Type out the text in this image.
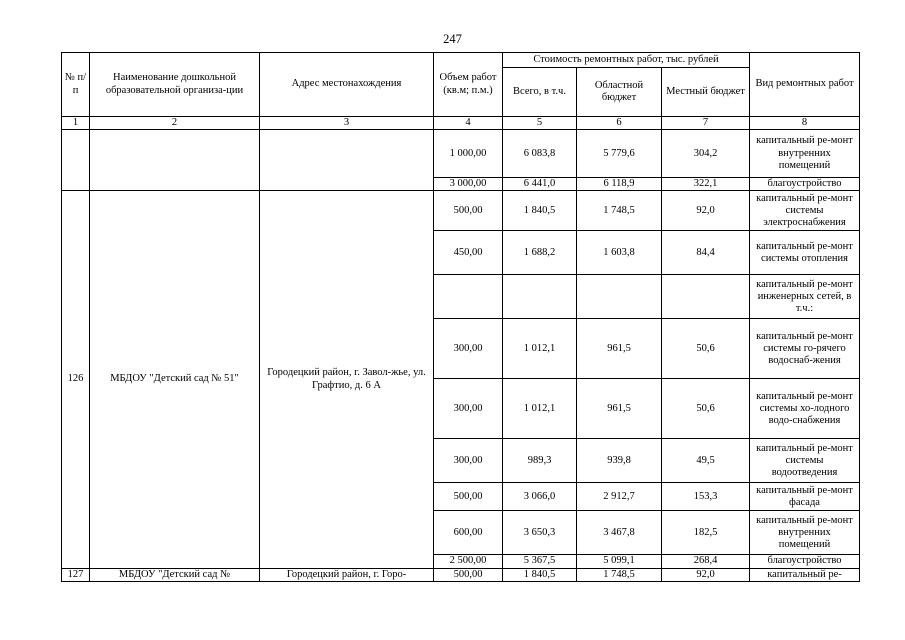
247
№ п/п	Наименование дошкольной образовательной организа-ции	Адрес местонахождения	Объем работ (кв.м; п.м.)	Стоимость ремонтных работ, тыс. рублей			Вид ремонтных работ
				Всего, в т.ч.	Областной бюджет	Местный бюджет	
1	2	3	4	5	6	7	8
			1 000,00	6 083,8	5 779,6	304,2	капитальный ре-монт внутренних помещений
			3 000,00	6 441,0	6 118,9	322,1	благоустройство
126	МБДОУ "Детский сад № 51"	Городецкий район, г. Завол-жье, ул. Графтио, д. 6 А	500,00	1 840,5	1 748,5	92,0	капитальный ре-монт системы электроснабжения
			450,00	1 688,2	1 603,8	84,4	капитальный ре-монт системы отопления
							капитальный ре-монт инженерных сетей, в т.ч.:
			300,00	1 012,1	961,5	50,6	капитальный ре-монт системы го-рячего водоснаб-жения
			300,00	1 012,1	961,5	50,6	капитальный ре-монт системы хо-лодного водо-снабжения
			300,00	989,3	939,8	49,5	капитальный ре-монт системы водоотведения
			500,00	3 066,0	2 912,7	153,3	капитальный ре-монт фасада
			600,00	3 650,3	3 467,8	182,5	капитальный ре-монт внутренних помещений
			2 500,00	5 367,5	5 099,1	268,4	благоустройство
127	МБДОУ "Детский сад №	Городецкий район, г. Горо-	500,00	1 840,5	1 748,5	92,0	капитальный ре-
